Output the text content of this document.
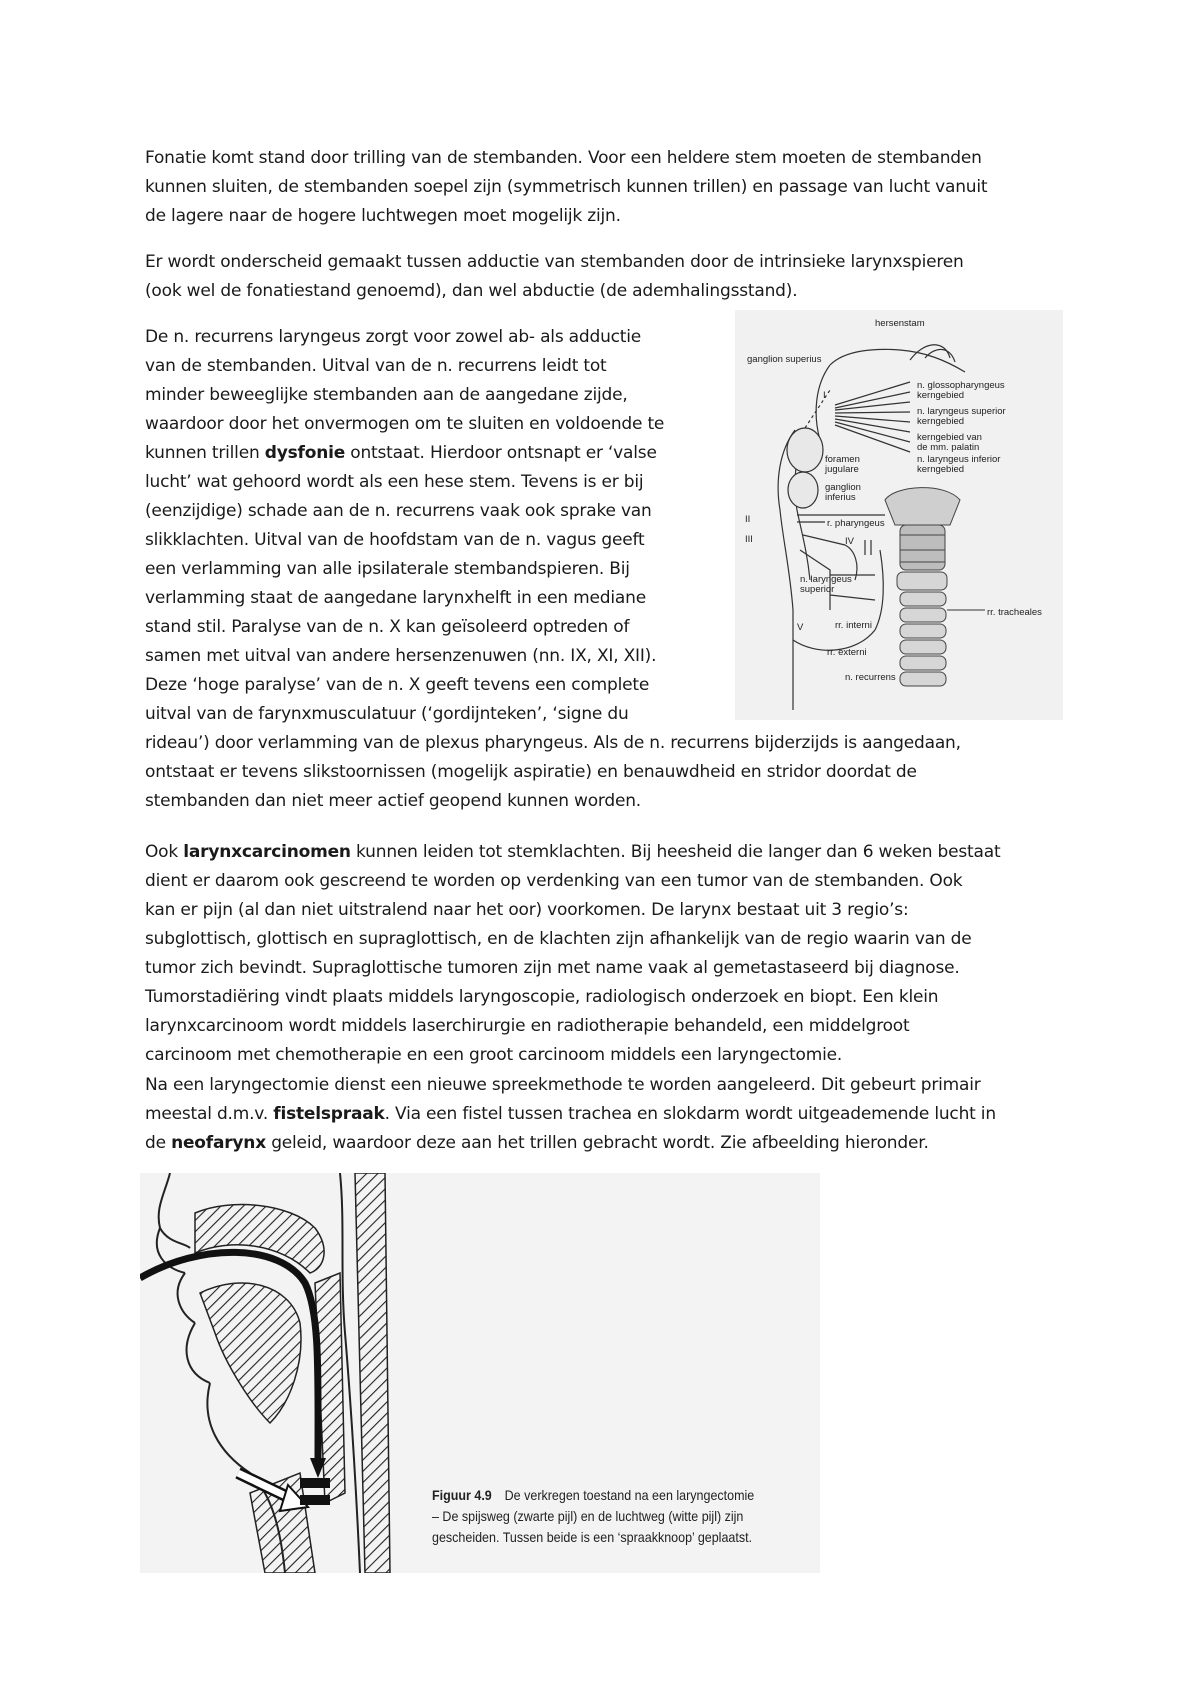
Fonatie komt stand door trilling van de stembanden. Voor een heldere stem moeten de stembanden
kunnen sluiten, de stembanden soepel zijn (symmetrisch kunnen trillen) en passage van lucht vanuit
de lagere naar de hogere luchtwegen moet mogelijk zijn.

Er wordt onderscheid gemaakt tussen adductie van stembanden door de intrinsieke larynxspieren
(ook wel de fonatiestand genoemd), dan wel abductie (de ademhalingsstand).

De n. recurrens laryngeus zorgt voor zowel ab- als adductie
van de stembanden. Uitval van de n. recurrens leidt tot
minder beweeglijke stembanden aan de aangedane zijde,
waardoor door het onvermogen om te sluiten en voldoende te
kunnen trillen dysfonie ontstaat. Hierdoor ontsnapt er ‘valse
lucht’ wat gehoord wordt als een hese stem. Tevens is er bij
(eenzijdige) schade aan de n. recurrens vaak ook sprake van
slikklachten. Uitval van de hoofdstam van de n. vagus geeft
een verlamming van alle ipsilaterale stembandspieren. Bij
verlamming staat de aangedane larynxhelft in een mediane
stand stil. Paralyse van de n. X kan geïsoleerd optreden of
samen met uitval van andere hersenzenuwen (nn. IX, XI, XII).
Deze ‘hoge paralyse’ van de n. X geeft tevens een complete
uitval van de farynxmusculatuur (‘gordijnteken’, ‘signe du
rideau’) door verlamming van de plexus pharyngeus. Als de n. recurrens bijderzijds is aangedaan,
ontstaat er tevens slikstoornissen (mogelijk aspiratie) en benauwdheid en stridor doordat de
stembanden dan niet meer actief geopend kunnen worden.

hersenstam
ganglion superius
n. glossopharyngeus
kerngebied
n. laryngeus superior
kerngebied
kerngebied van
de mm. palatin
n. laryngeus inferior
kerngebied
foramen
jugulare
ganglion
inferius
r. pharyngeus
n. laryngeus
superior
rr. interni
rr. externi
rr. tracheales
n. recurrens
I
II
III	IV
V

Ook larynxcarcinomen kunnen leiden tot stemklachten. Bij heesheid die langer dan 6 weken bestaat
dient er daarom ook gescreend te worden op verdenking van een tumor van de stembanden. Ook
kan er pijn (al dan niet uitstralend naar het oor) voorkomen. De larynx bestaat uit 3 regio’s:
subglottisch, glottisch en supraglottisch, en de klachten zijn afhankelijk van de regio waarin van de
tumor zich bevindt. Supraglottische tumoren zijn met name vaak al gemetastaseerd bij diagnose.
Tumorstadiëring vindt plaats middels laryngoscopie, radiologisch onderzoek en biopt. Een klein
larynxcarcinoom wordt middels laserchirurgie en radiotherapie behandeld, een middelgroot
carcinoom met chemotherapie en een groot carcinoom middels een laryngectomie.

Na een laryngectomie dienst een nieuwe spreekmethode te worden aangeleerd. Dit gebeurt primair
meestal d.m.v. fistelspraak. Via een fistel tussen trachea en slokdarm wordt uitgeademende lucht in
de neofarynx geleid, waardoor deze aan het trillen gebracht wordt. Zie afbeelding hieronder.

Figuur 4.9 De verkregen toestand na een laryngectomie
– De spijsweg (zwarte pijl) en de luchtweg (witte pijl) zijn
gescheiden. Tussen beide is een ‘spraakknoop’ geplaatst.
